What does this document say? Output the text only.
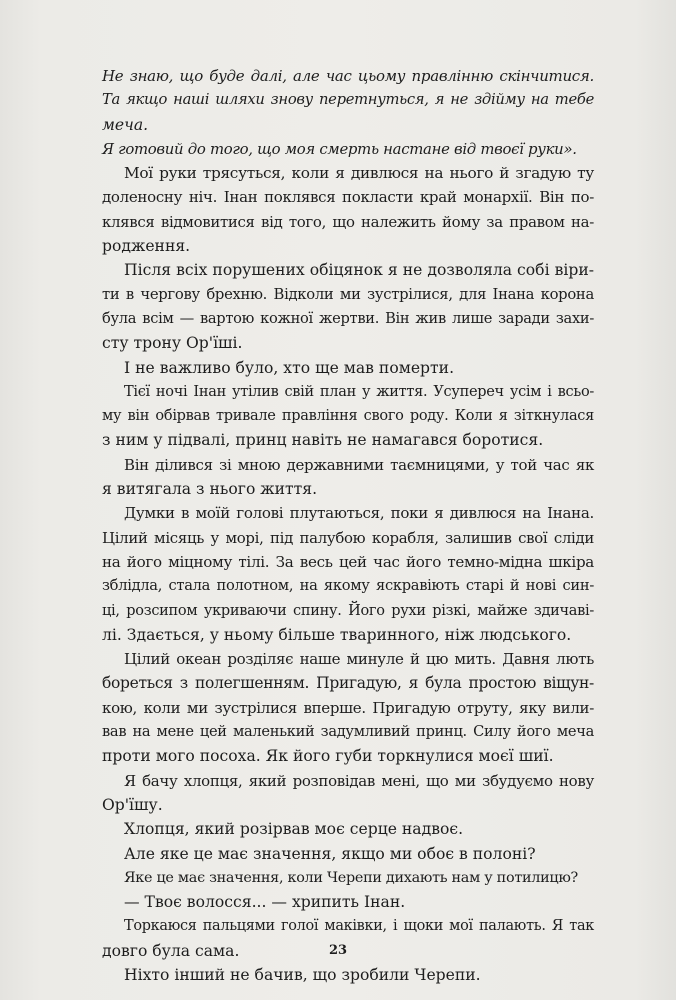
Не знаю, що буде далі, але час цьому правлінню скінчитися.
Та якщо наші шляхи знову перетнуться, я не здійму на тебе
меча.
Я готовий до того, що моя смерть настане від твоєї руки».
Мої руки трясуться, коли я дивлюся на нього й згадую ту
доленосну ніч. Інан поклявся покласти край монархії. Він по-
клявся відмовитися від того, що належить йому за правом на-
родження.
Після всіх порушених обіцянок я не дозволяла собі віри-
ти в чергову брехню. Відколи ми зустрілися, для Інана корона
була всім — вартою кожної жертви. Він жив лише заради захи-
сту трону Ор'їші.
І не важливо було, хто ще мав померти.
Тієї ночі Інан утілив свій план у життя. Усупереч усім і всьо-
му він обірвав тривале правління свого роду. Коли я зіткнулася
з ним у підвалі, принц навіть не намагався боротися.
Він ділився зі мною державними таємницями, у той час як
я витягала з нього життя.
Думки в моїй голові плутаються, поки я дивлюся на Інана.
Цілий місяць у морі, під палубою корабля, залишив свої сліди
на його міцному тілі. За весь цей час його темно-мідна шкіра
зблідла, стала полотном, на якому яскравіють старі й нові син-
ці, розсипом укриваючи спину. Його рухи різкі, майже здичаві-
лі. Здається, у ньому більше тваринного, ніж людського.
Цілий океан розділяє наше минуле й цю мить. Давня лють
бореться з полегшенням. Пригадую, я була простою віщун-
кою, коли ми зустрілися вперше. Пригадую отруту, яку вили-
вав на мене цей маленький задумливий принц. Силу його меча
проти мого посоха. Як його губи торкнулися моєї шиї.
Я бачу хлопця, який розповідав мені, що ми збудуємо нову
Ор'їшу.
Хлопця, який розірвав моє серце надвоє.
Але яке це має значення, якщо ми обоє в полоні?
Яке це має значення, коли Черепи дихають нам у потилицю?
— Твоє волосся... — хрипить Інан.
Торкаюся пальцями голої маківки, і щоки мої палають. Я так
довго була сама.
Ніхто інший не бачив, що зробили Черепи.
23
